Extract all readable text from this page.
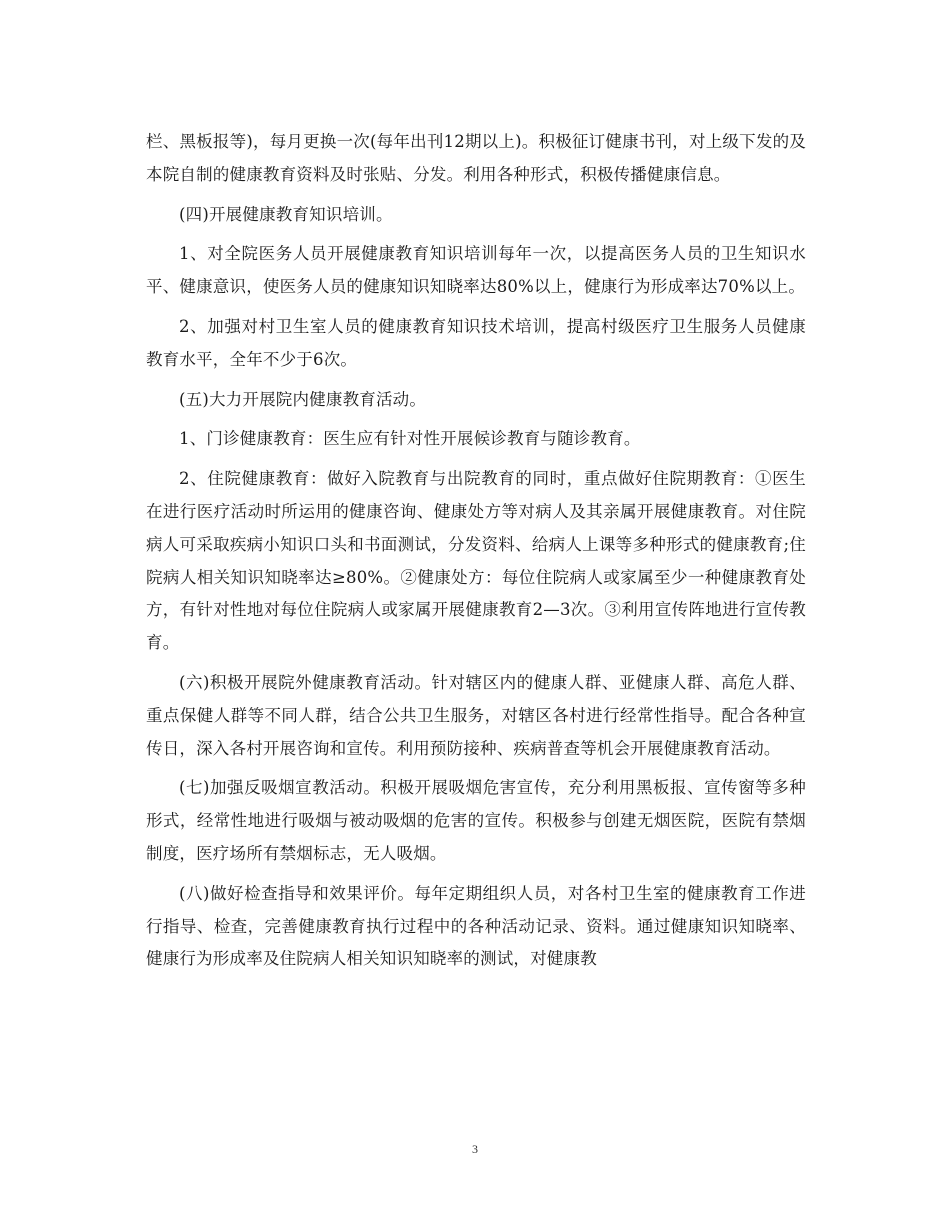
栏、黑板报等)，每月更换一次(每年出刊12期以上)。积极征订健康书刊，对上级下发的及本院自制的健康教育资料及时张贴、分发。利用各种形式，积极传播健康信息。

(四)开展健康教育知识培训。

1、对全院医务人员开展健康教育知识培训每年一次，以提高医务人员的卫生知识水平、健康意识，使医务人员的健康知识知晓率达80%以上，健康行为形成率达70%以上。

2、加强对村卫生室人员的健康教育知识技术培训，提高村级医疗卫生服务人员健康教育水平，全年不少于6次。

(五)大力开展院内健康教育活动。

1、门诊健康教育：医生应有针对性开展候诊教育与随诊教育。

2、住院健康教育：做好入院教育与出院教育的同时，重点做好住院期教育：①医生在进行医疗活动时所运用的健康咨询、健康处方等对病人及其亲属开展健康教育。对住院病人可采取疾病小知识口头和书面测试，分发资料、给病人上课等多种形式的健康教育;住院病人相关知识知晓率达≥80%。②健康处方：每位住院病人或家属至少一种健康教育处方，有针对性地对每位住院病人或家属开展健康教育2—3次。③利用宣传阵地进行宣传教育。

(六)积极开展院外健康教育活动。针对辖区内的健康人群、亚健康人群、高危人群、重点保健人群等不同人群，结合公共卫生服务，对辖区各村进行经常性指导。配合各种宣传日，深入各村开展咨询和宣传。利用预防接种、疾病普查等机会开展健康教育活动。

(七)加强反吸烟宣教活动。积极开展吸烟危害宣传，充分利用黑板报、宣传窗等多种形式，经常性地进行吸烟与被动吸烟的危害的宣传。积极参与创建无烟医院，医院有禁烟制度，医疗场所有禁烟标志，无人吸烟。

(八)做好检查指导和效果评价。每年定期组织人员，对各村卫生室的健康教育工作进行指导、检查，完善健康教育执行过程中的各种活动记录、资料。通过健康知识知晓率、健康行为形成率及住院病人相关知识知晓率的测试，对健康教

3
